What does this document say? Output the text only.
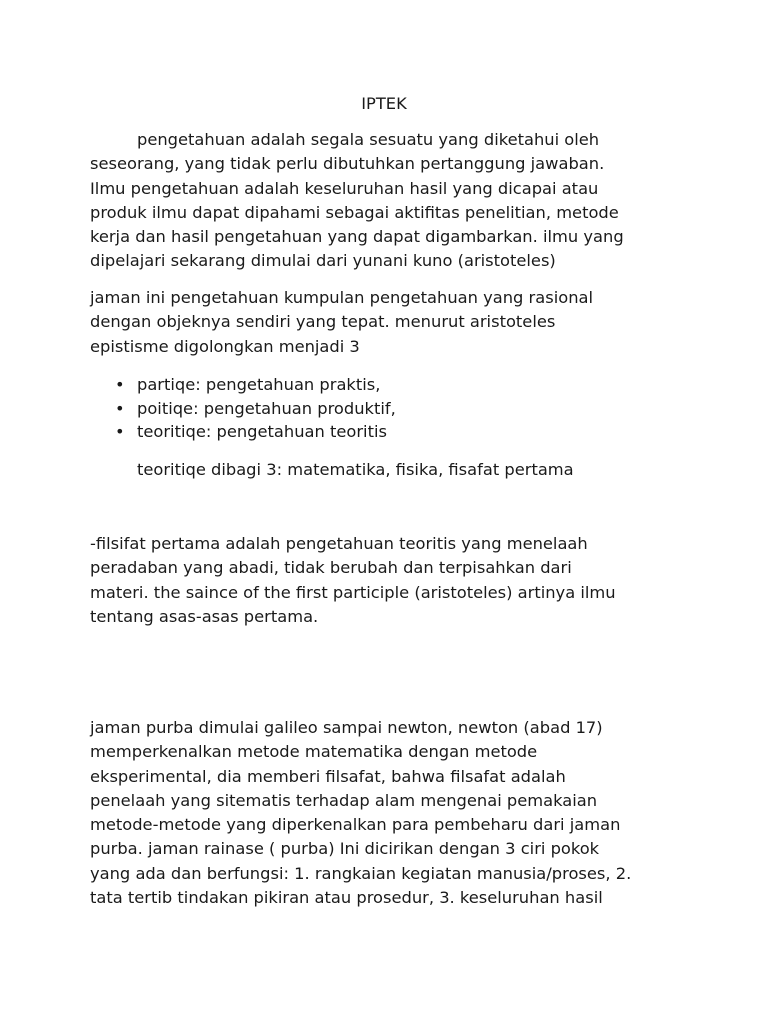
IPTEK

pengetahuan adalah segala sesuatu yang diketahui oleh
seseorang, yang tidak perlu dibutuhkan pertanggung jawaban.
Ilmu pengetahuan adalah keseluruhan hasil yang dicapai atau
produk ilmu dapat dipahami sebagai aktifitas penelitian, metode
kerja dan hasil pengetahuan yang dapat digambarkan. ilmu yang
dipelajari sekarang dimulai dari yunani kuno (aristoteles)

jaman ini pengetahuan kumpulan pengetahuan yang rasional
dengan objeknya sendiri yang tepat. menurut aristoteles
epistisme digolongkan menjadi 3

• partiqe: pengetahuan praktis,
• poitiqe: pengetahuan produktif,
• teoritiqe: pengetahuan teoritis

teoritiqe dibagi 3: matematika, fisika, fisafat pertama

-filsifat pertama adalah pengetahuan teoritis yang menelaah
peradaban yang abadi, tidak berubah dan terpisahkan dari
materi. the saince of the first participle (aristoteles) artinya ilmu
tentang asas-asas pertama.

jaman purba dimulai galileo sampai newton, newton (abad 17)
memperkenalkan metode matematika dengan metode
eksperimental, dia memberi filsafat, bahwa filsafat adalah
penelaah yang sitematis terhadap alam mengenai pemakaian
metode-metode yang diperkenalkan para pembeharu dari jaman
purba. jaman rainase ( purba) Ini dicirikan dengan 3 ciri pokok
yang ada dan berfungsi: 1. rangkaian kegiatan manusia/proses, 2.
tata tertib tindakan pikiran atau prosedur, 3. keseluruhan hasil
